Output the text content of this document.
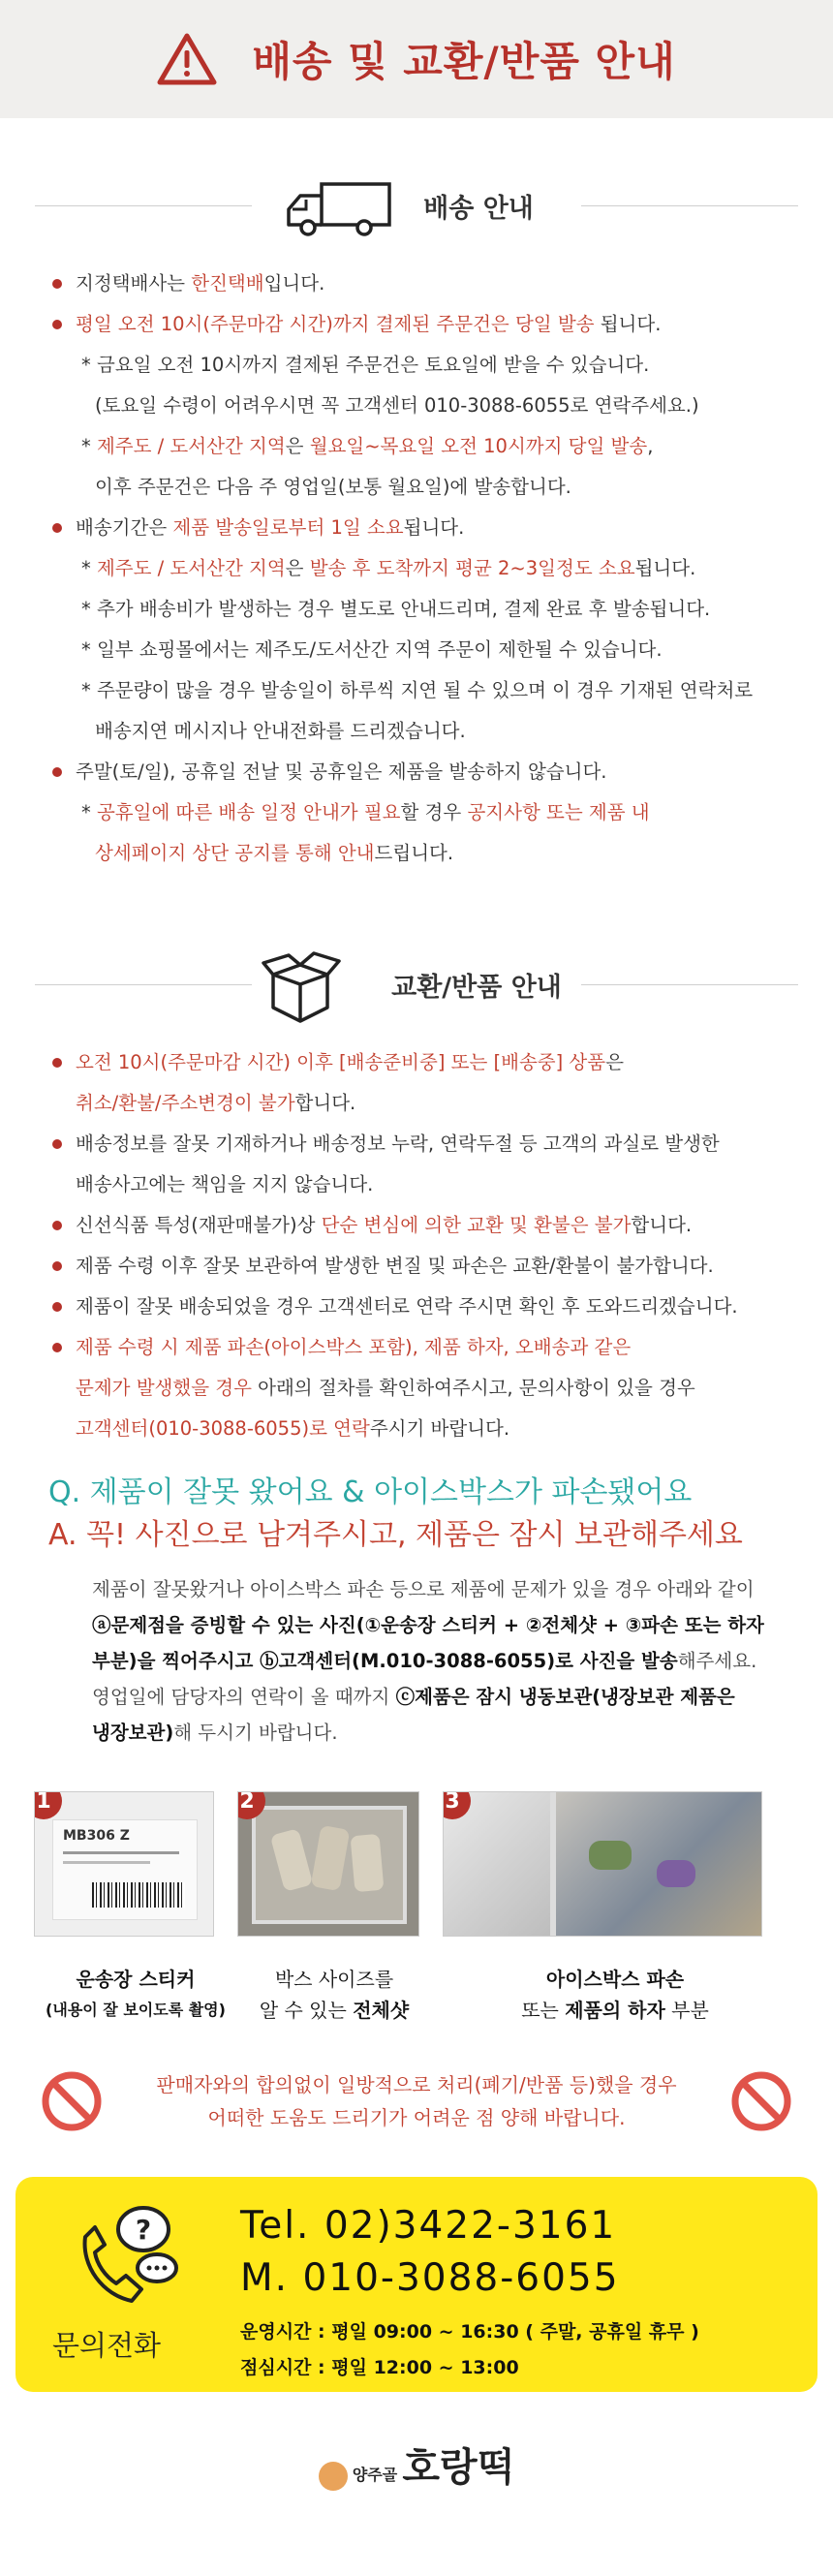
배송 및 교환/반품 안내
배송 안내
지정택배사는 한진택배입니다.
평일 오전 10시(주문마감 시간)까지 결제된 주문건은 당일 발송 됩니다.
* 금요일 오전 10시까지 결제된 주문건은 토요일에 받을 수 있습니다.
(토요일 수령이 어려우시면 꼭 고객센터 010-3088-6055로 연락주세요.)
* 제주도 / 도서산간 지역은 월요일~목요일 오전 10시까지 당일 발송,
이후 주문건은 다음 주 영업일(보통 월요일)에 발송합니다.
배송기간은 제품 발송일로부터 1일 소요됩니다.
* 제주도 / 도서산간 지역은 발송 후 도착까지 평균 2~3일정도 소요됩니다.
* 추가 배송비가 발생하는 경우 별도로 안내드리며, 결제 완료 후 발송됩니다.
* 일부 쇼핑몰에서는 제주도/도서산간 지역 주문이 제한될 수 있습니다.
* 주문량이 많을 경우 발송일이 하루씩 지연 될 수 있으며 이 경우 기재된 연락처로
배송지연 메시지나 안내전화를 드리겠습니다.
주말(토/일), 공휴일 전날 및 공휴일은 제품을 발송하지 않습니다.
* 공휴일에 따른 배송 일정 안내가 필요할 경우 공지사항 또는 제품 내
상세페이지 상단 공지를 통해 안내드립니다.
교환/반품 안내
오전 10시(주문마감 시간) 이후 [배송준비중] 또는 [배송중] 상품은
취소/환불/주소변경이 불가합니다.
배송정보를 잘못 기재하거나 배송정보 누락, 연락두절 등 고객의 과실로 발생한
배송사고에는 책임을 지지 않습니다.
신선식품 특성(재판매불가)상 단순 변심에 의한 교환 및 환불은 불가합니다.
제품 수령 이후 잘못 보관하여 발생한 변질 및 파손은 교환/환불이 불가합니다.
제품이 잘못 배송되었을 경우 고객센터로 연락 주시면 확인 후 도와드리겠습니다.
제품 수령 시 제품 파손(아이스박스 포함), 제품 하자, 오배송과 같은
문제가 발생했을 경우 아래의 절차를 확인하여주시고, 문의사항이 있을 경우
고객센터(010-3088-6055)로 연락주시기 바랍니다.
Q. 제품이 잘못 왔어요 & 아이스박스가 파손됐어요
A. 꼭! 사진으로 남겨주시고, 제품은 잠시 보관해주세요
제품이 잘못왔거나 아이스박스 파손 등으로 제품에 문제가 있을 경우 아래와 같이
ⓐ문제점을 증빙할 수 있는 사진(①운송장 스티커 + ②전체샷 + ③파손 또는 하자
부분)을 찍어주시고 ⓑ고객센터(M.010-3088-6055)로 사진을 발송해주세요.
영업일에 담당자의 연락이 올 때까지 ⓒ제품은 잠시 냉동보관(냉장보관 제품은
냉장보관)해 두시기 바랍니다.
1
MB306 Z
2	3
운송장 스티커
(내용이 잘 보이도록 촬영)
박스 사이즈를
알 수 있는 전체샷
아이스박스 파손
또는 제품의 하자 부분
판매자와의 합의없이 일방적으로 처리(폐기/반품 등)했을 경우
어떠한 도움도 드리기가 어려운 점 양해 바랍니다.
?
문의전화
Tel. 02)3422-3161
M. 010-3088-6055
운영시간 : 평일 09:00 ~ 16:30 ( 주말, 공휴일 휴무 )
점심시간 : 평일 12:00 ~ 13:00
양주골 호랑떡
